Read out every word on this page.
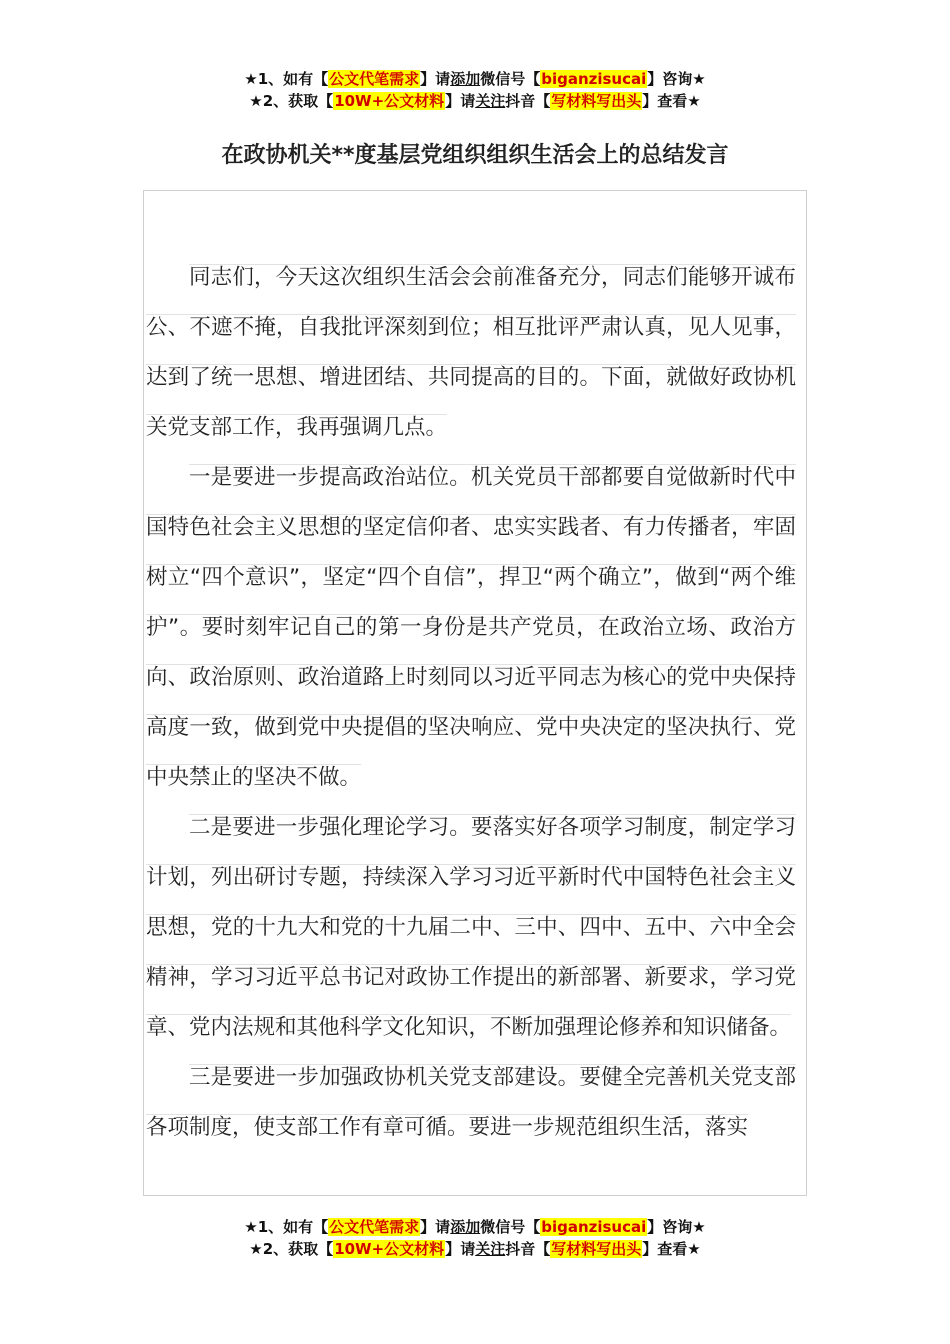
★1、如有【公文代笔需求】请添加微信号【biganzisucai】咨询★
★2、获取【10W+公文材料】请关注抖音【写材料写出头】查看★
在政协机关**度基层党组织组织生活会上的总结发言

同志们，今天这次组织生活会会前准备充分，同志们能够开诚布公、不遮不掩，自我批评深刻到位；相互批评严肃认真，见人见事，达到了统一思想、增进团结、共同提高的目的。下面，就做好政协机关党支部工作，我再强调几点。

一是要进一步提高政治站位。机关党员干部都要自觉做新时代中国特色社会主义思想的坚定信仰者、忠实实践者、有力传播者，牢固树立“四个意识”，坚定“四个自信”，捍卫“两个确立”，做到“两个维护”。要时刻牢记自己的第一身份是共产党员，在政治立场、政治方向、政治原则、政治道路上时刻同以习近平同志为核心的党中央保持高度一致，做到党中央提倡的坚决响应、党中央决定的坚决执行、党中央禁止的坚决不做。

二是要进一步强化理论学习。要落实好各项学习制度，制定学习计划，列出研讨专题，持续深入学习习近平新时代中国特色社会主义思想，党的十九大和党的十九届二中、三中、四中、五中、六中全会精神，学习习近平总书记对政协工作提出的新部署、新要求，学习党章、党内法规和其他科学文化知识，不断加强理论修养和知识储备。

三是要进一步加强政协机关党支部建设。要健全完善机关党支部各项制度，使支部工作有章可循。要进一步规范组织生活，落实

★1、如有【公文代笔需求】请添加微信号【biganzisucai】咨询★
★2、获取【10W+公文材料】请关注抖音【写材料写出头】查看★
